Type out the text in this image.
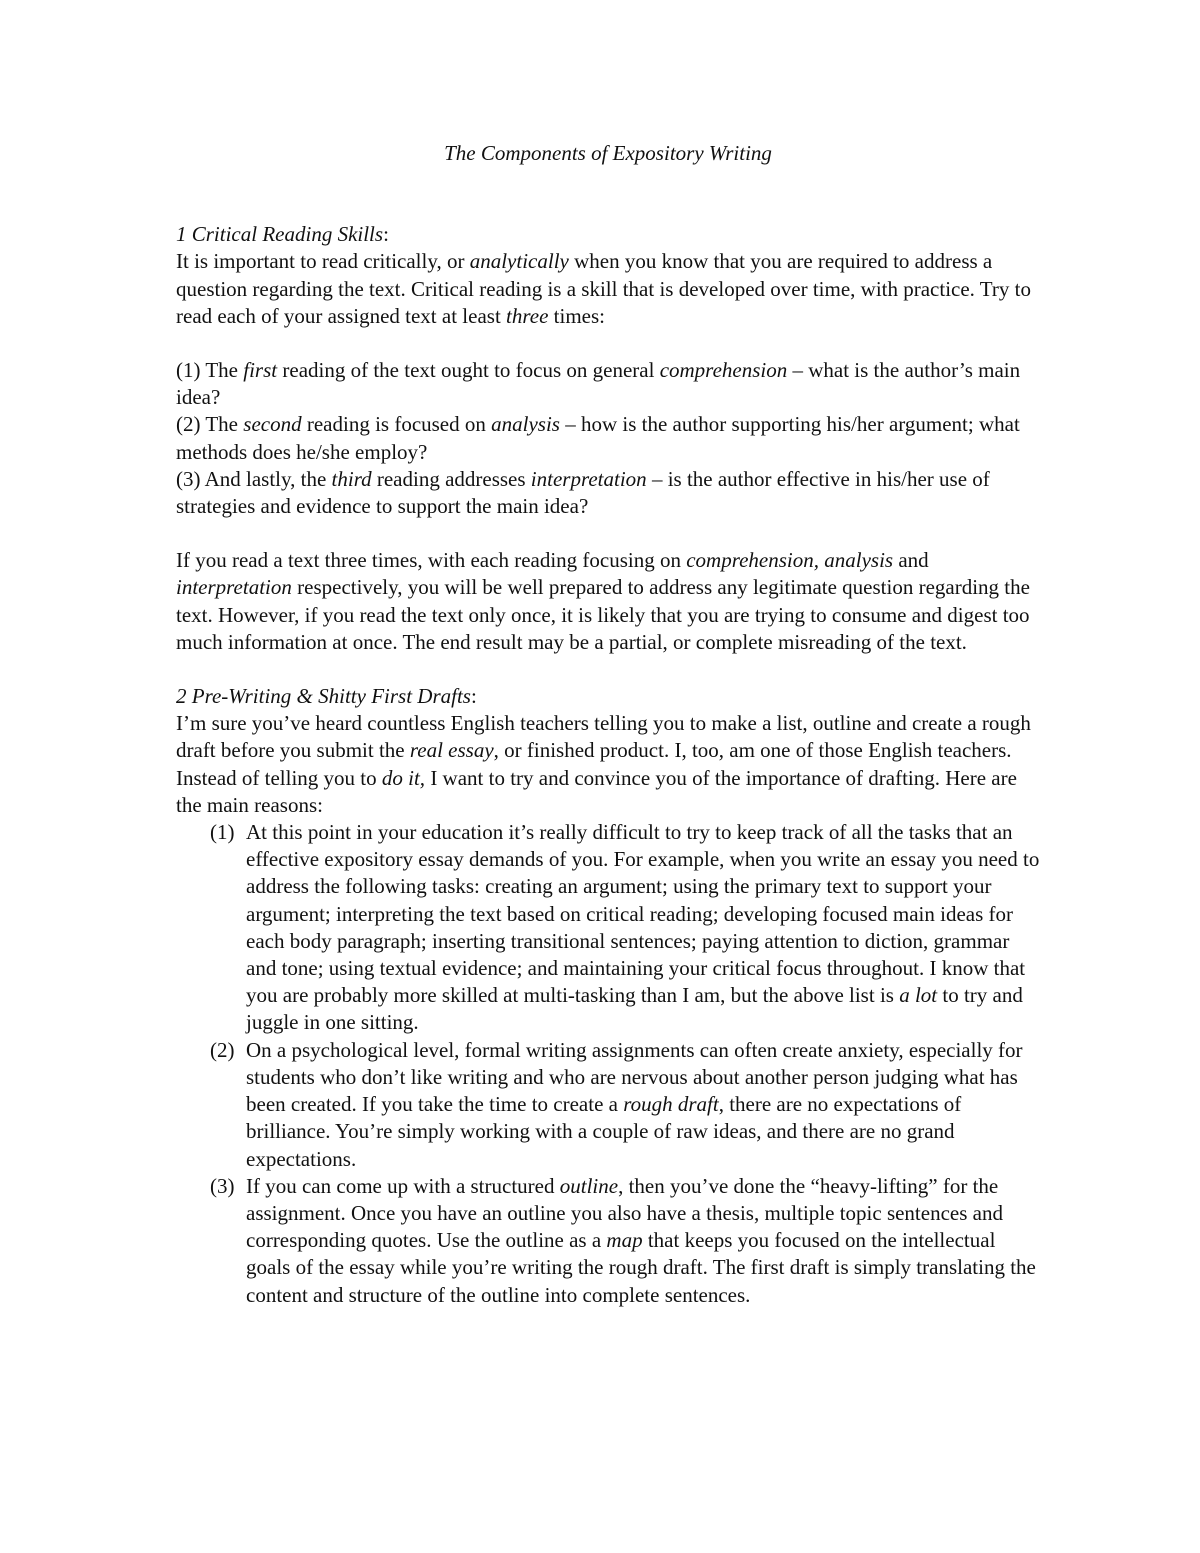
The Components of Expository Writing

1 Critical Reading Skills:

It is important to read critically, or analytically when you know that you are required to address a question regarding the text. Critical reading is a skill that is developed over time, with practice. Try to read each of your assigned text at least three times:

(1) The first reading of the text ought to focus on general comprehension – what is the author’s main idea?

(2) The second reading is focused on analysis – how is the author supporting his/her argument; what methods does he/she employ?

(3) And lastly, the third reading addresses interpretation – is the author effective in his/her use of strategies and evidence to support the main idea?

If you read a text three times, with each reading focusing on comprehension, analysis and interpretation respectively, you will be well prepared to address any legitimate question regarding the text. However, if you read the text only once, it is likely that you are trying to consume and digest too much information at once. The end result may be a partial, or complete misreading of the text.

2 Pre-Writing & Shitty First Drafts:

I’m sure you’ve heard countless English teachers telling you to make a list, outline and create a rough draft before you submit the real essay, or finished product. I, too, am one of those English teachers. Instead of telling you to do it, I want to try and convince you of the importance of drafting. Here are the main reasons:

(1) At this point in your education it’s really difficult to try to keep track of all the tasks that an effective expository essay demands of you. For example, when you write an essay you need to address the following tasks: creating an argument; using the primary text to support your argument; interpreting the text based on critical reading; developing focused main ideas for each body paragraph; inserting transitional sentences; paying attention to diction, grammar and tone; using textual evidence; and maintaining your critical focus throughout. I know that you are probably more skilled at multi-tasking than I am, but the above list is a lot to try and juggle in one sitting.
(2) On a psychological level, formal writing assignments can often create anxiety, especially for students who don’t like writing and who are nervous about another person judging what has been created. If you take the time to create a rough draft, there are no expectations of brilliance. You’re simply working with a couple of raw ideas, and there are no grand expectations.
(3) If you can come up with a structured outline, then you’ve done the “heavy-lifting” for the assignment. Once you have an outline you also have a thesis, multiple topic sentences and corresponding quotes. Use the outline as a map that keeps you focused on the intellectual goals of the essay while you’re writing the rough draft. The first draft is simply translating the content and structure of the outline into complete sentences.
